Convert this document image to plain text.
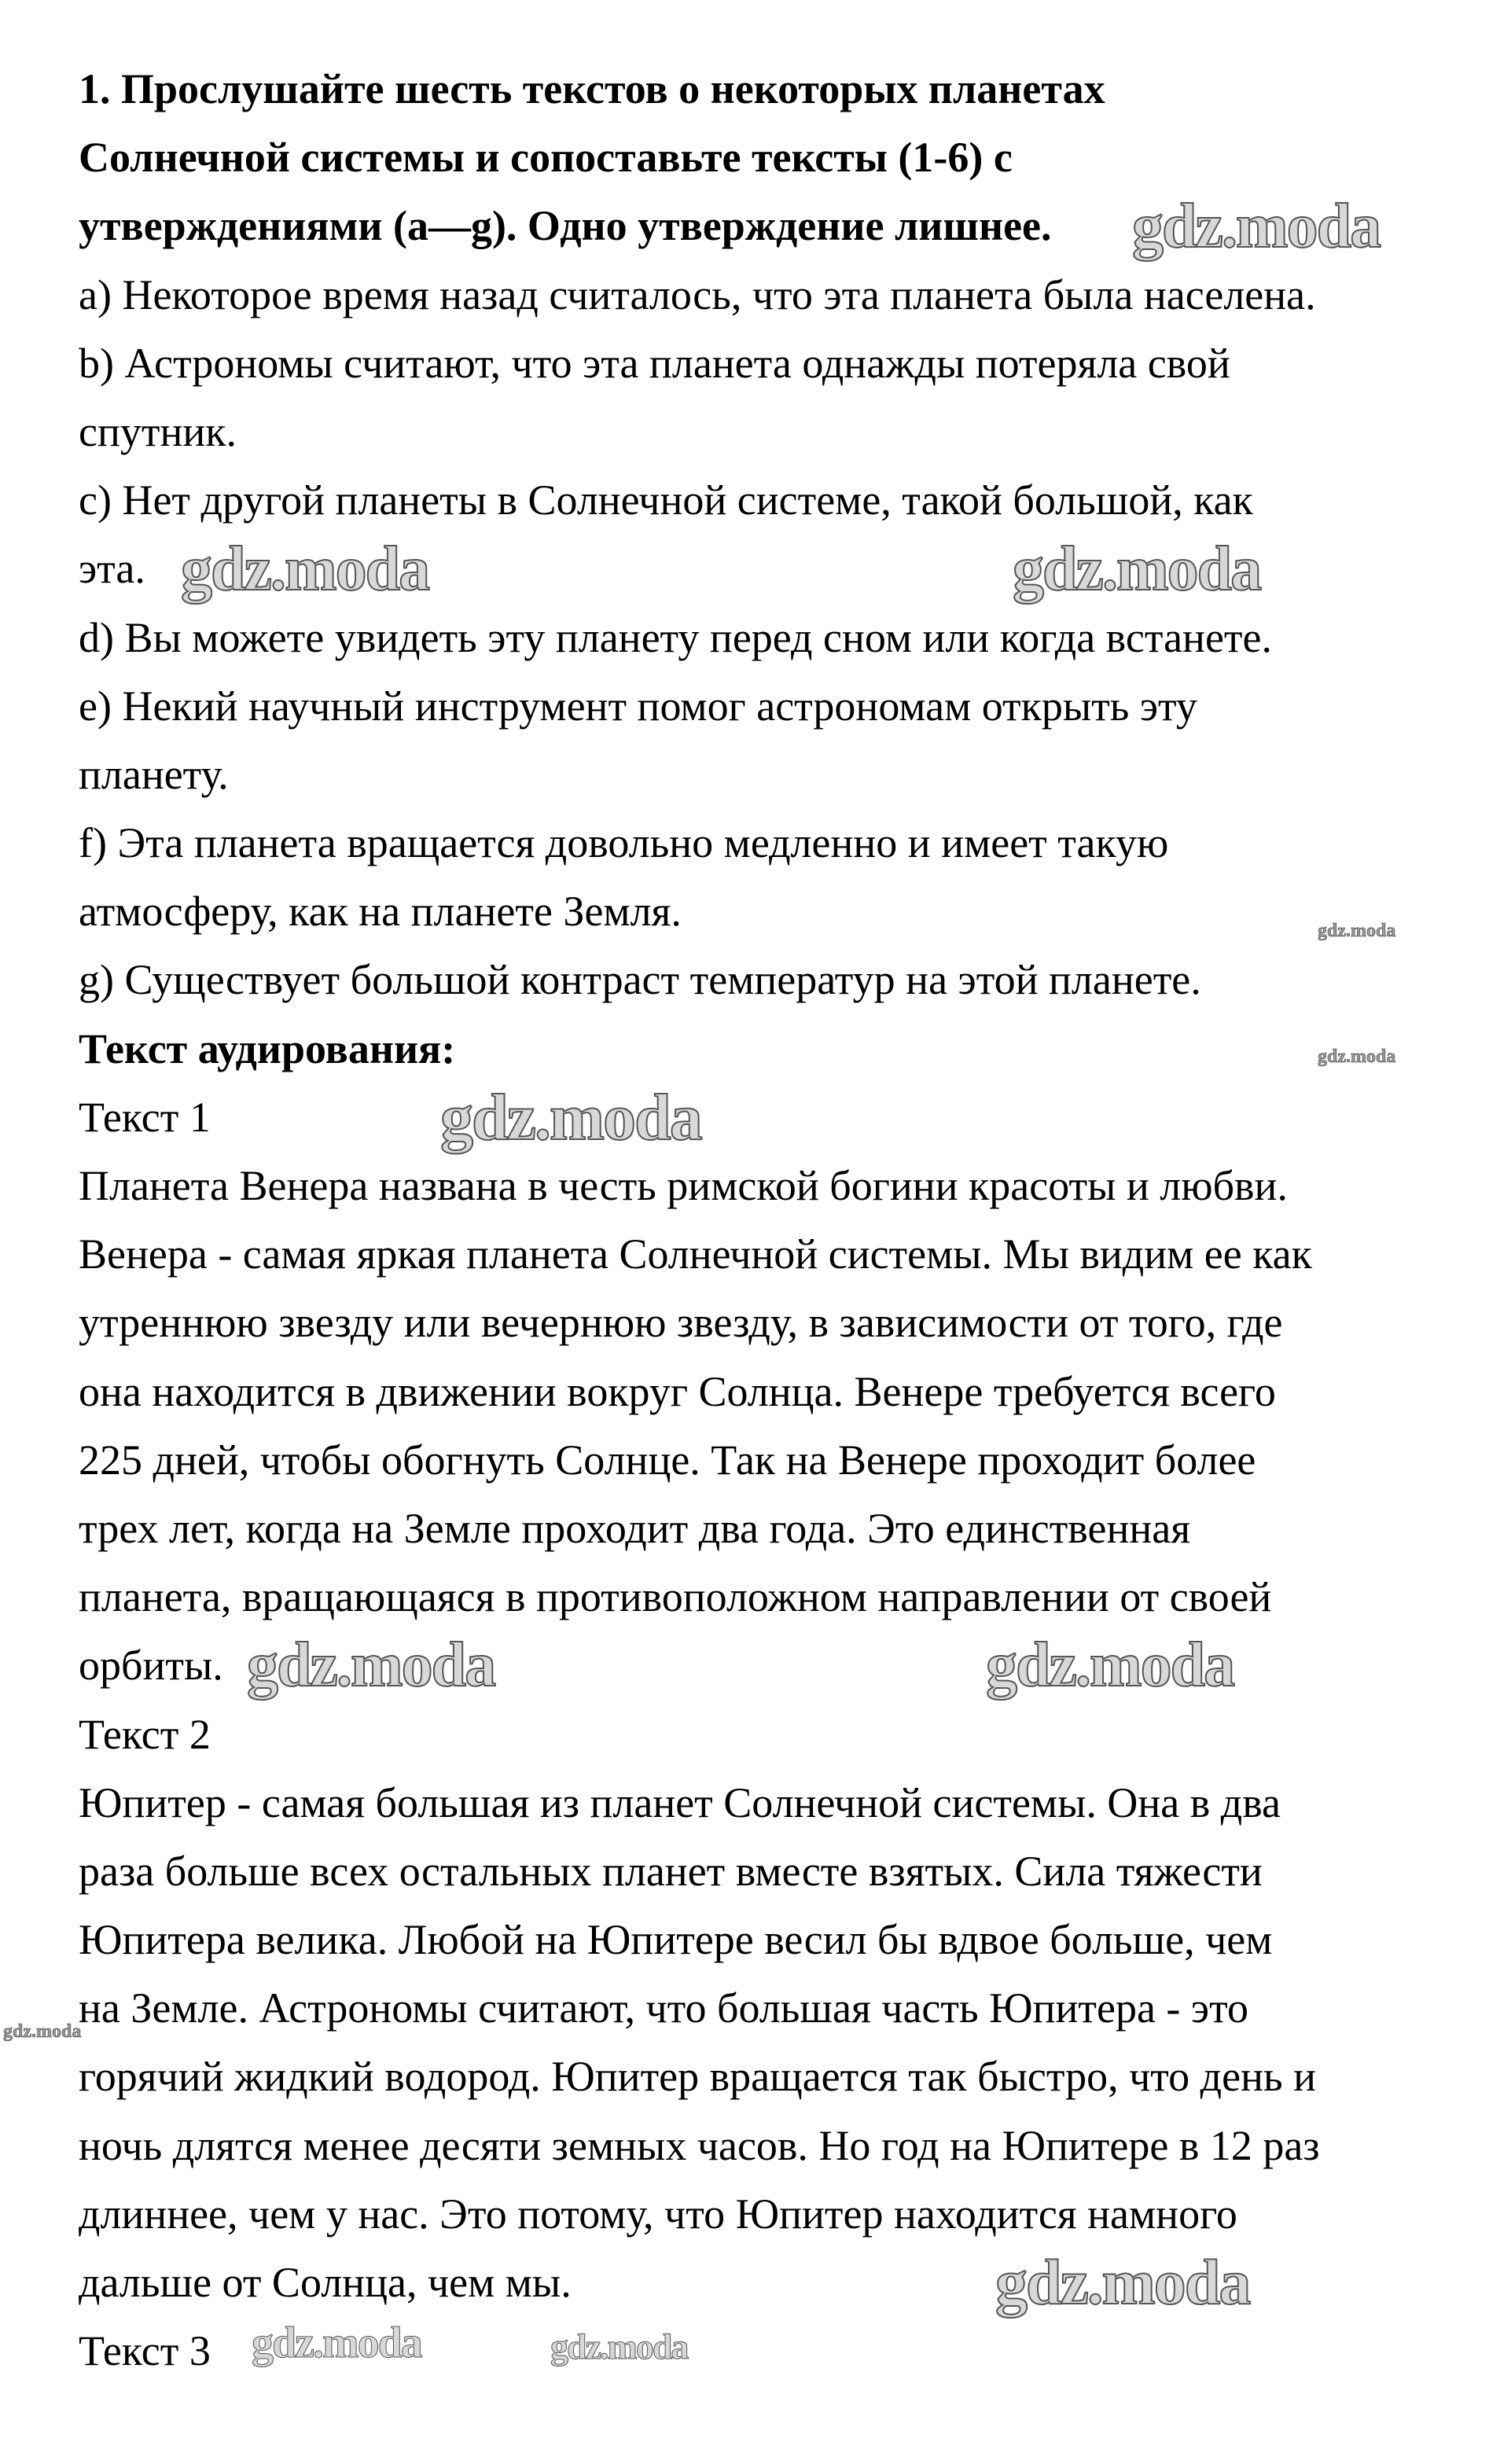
1. Прослушайте шесть текстов о некоторых планетах
Солнечной системы и сопоставьте тексты (1-6) с
утверждениями (a—g). Одно утверждение лишнее.
a) Некоторое время назад считалось, что эта планета была населена.
b) Астрономы считают, что эта планета однажды потеряла свой
спутник.
c) Нет другой планеты в Солнечной системе, такой большой, как
эта.
d) Вы можете увидеть эту планету перед сном или когда встанете.
e) Некий научный инструмент помог астрономам открыть эту
планету.
f) Эта планета вращается довольно медленно и имеет такую
атмосферу, как на планете Земля.
g) Существует большой контраст температур на этой планете.
Текст аудирования:
Текст 1
Планета Венера названа в честь римской богини красоты и любви.
Венера - самая яркая планета Солнечной системы. Мы видим ее как
утреннюю звезду или вечернюю звезду, в зависимости от того, где
она находится в движении вокруг Солнца. Венере требуется всего
225 дней, чтобы обогнуть Солнце. Так на Венере проходит более
трех лет, когда на Земле проходит два года. Это единственная
планета, вращающаяся в противоположном направлении от своей
орбиты.
Текст 2
Юпитер - самая большая из планет Солнечной системы. Она в два
раза больше всех остальных планет вместе взятых. Сила тяжести
Юпитера велика. Любой на Юпитере весил бы вдвое больше, чем
на Земле. Астрономы считают, что большая часть Юпитера - это
горячий жидкий водород. Юпитер вращается так быстро, что день и
ночь длятся менее десяти земных часов. Но год на Юпитере в 12 раз
длиннее, чем у нас. Это потому, что Юпитер находится намного
дальше от Солнца, чем мы.
Текст 3
gdz.moda
gdz.moda	gdz.moda
gdz.moda
gdz.moda
gdz.moda
gdz.moda	gdz.moda
gdz.moda
gdz.moda
gdz.moda
gdz.moda
